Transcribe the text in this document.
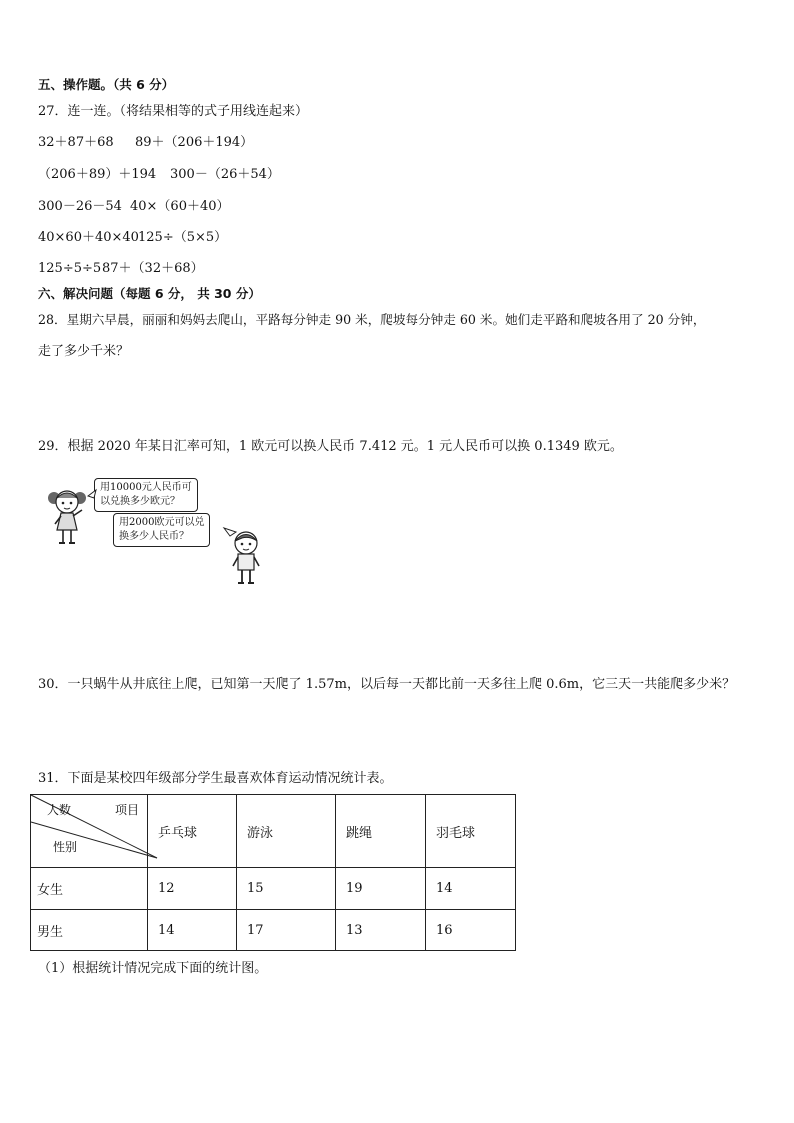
五、操作题。（共 6 分）
27．连一连。（将结果相等的式子用线连起来）
32＋87＋68 89＋（206＋194）
（206＋89）＋194 300－（26＋54）
300－26－54 40×（60＋40）
40×60＋40×40 125÷（5×5）
125÷5÷5 87＋（32＋68）
六、解决问题（每题 6 分， 共 30 分）
28．星期六早晨，丽丽和妈妈去爬山，平路每分钟走 90 米，爬坡每分钟走 60 米。她们走平路和爬坡各用了 20 分钟，
走了多少千米？
29．根据 2020 年某日汇率可知，1 欧元可以换人民币 7.412 元。1 元人民币可以换 0.1349 欧元。
用10000元人民币可
以兑换多少欧元？
用2000欧元可以兑
换多少人民币？
30．一只蜗牛从井底往上爬，已知第一天爬了 1.57m，以后每一天都比前一天多往上爬 0.6m，它三天一共能爬多少米？
31．下面是某校四年级部分学生最喜欢体育运动情况统计表。
人数 项目
性别	乒乓球	游泳	跳绳	羽毛球
女生	12	15	19	14
男生	14	17	13	16
（1）根据统计情况完成下面的统计图。
